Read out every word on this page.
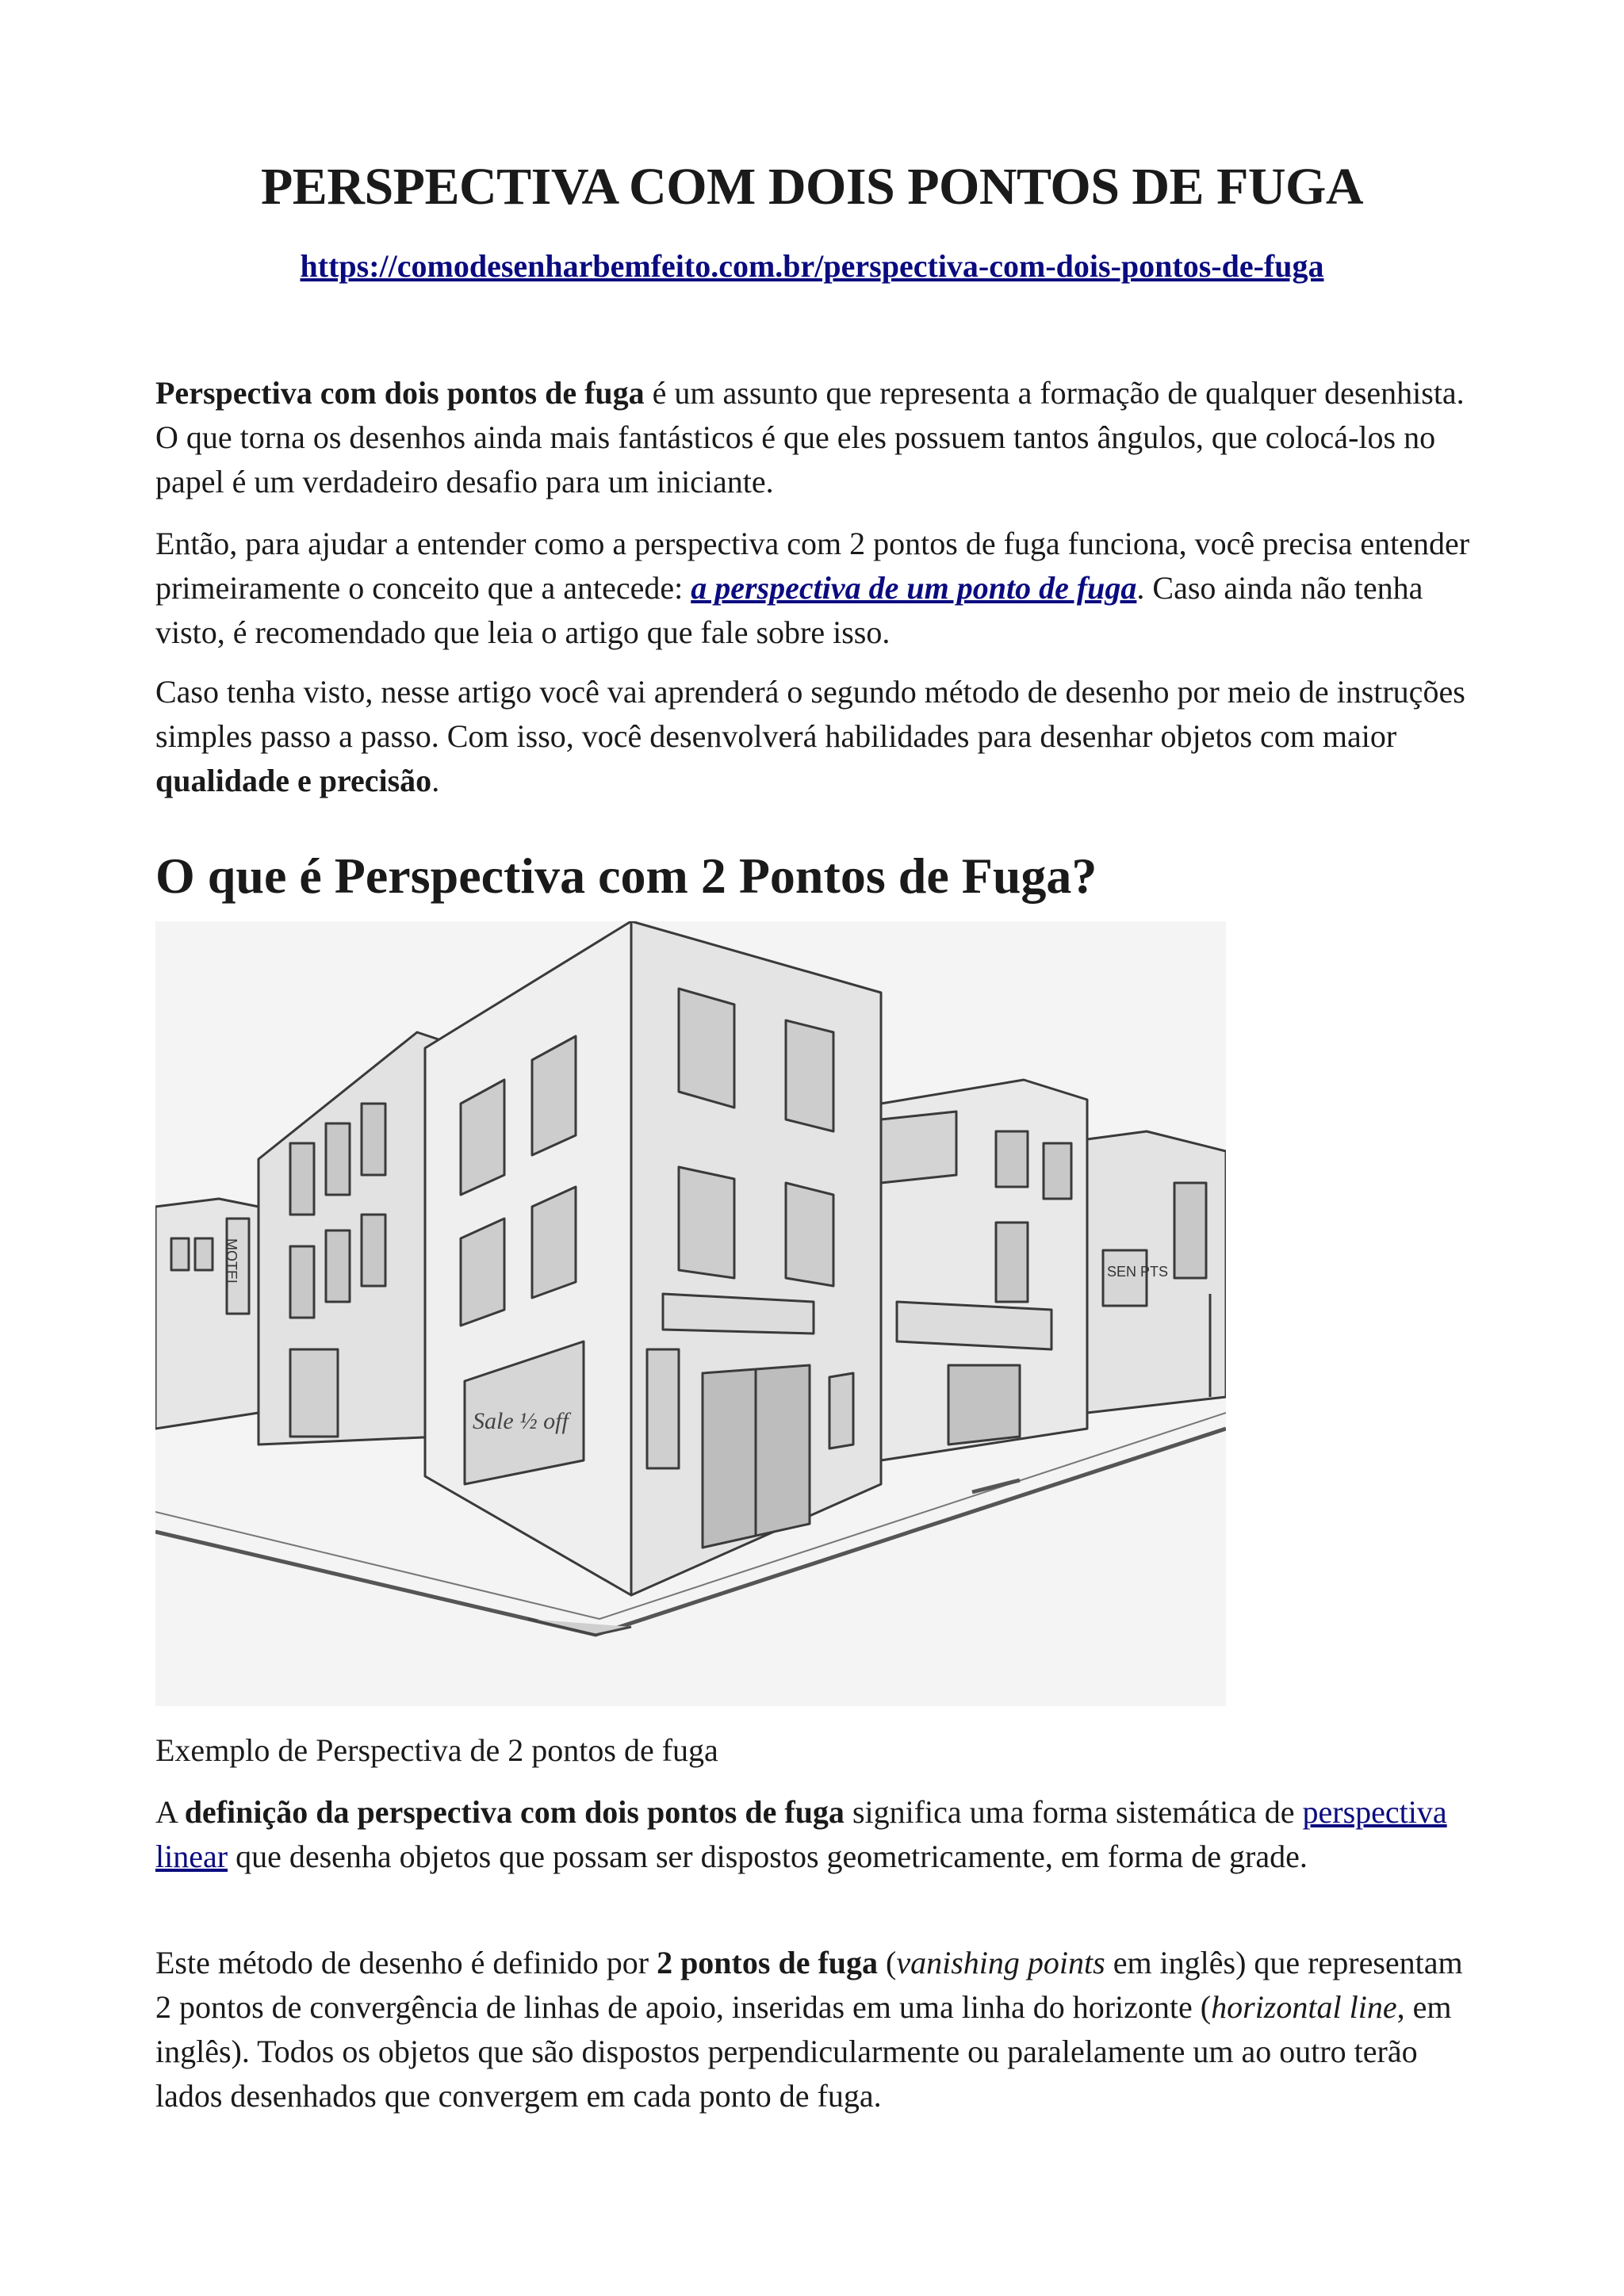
PERSPECTIVA COM DOIS PONTOS DE FUGA
https://comodesenharbemfeito.com.br/perspectiva-com-dois-pontos-de-fuga

Perspectiva com dois pontos de fuga é um assunto que representa a formação de qualquer desenhista. O que torna os desenhos ainda mais fantásticos é que eles possuem tantos ângulos, que colocá-los no papel é um verdadeiro desafio para um iniciante.

Então, para ajudar a entender como a perspectiva com 2 pontos de fuga funciona, você precisa entender primeiramente o conceito que a antecede: a perspectiva de um ponto de fuga. Caso ainda não tenha visto, é recomendado que leia o artigo que fale sobre isso.

Caso tenha visto, nesse artigo você vai aprenderá o segundo método de desenho por meio de instruções simples passo a passo. Com isso, você desenvolverá habilidades para desenhar objetos com maior qualidade e precisão.

O que é Perspectiva com 2 Pontos de Fuga?
MOTEL
Sale ½ off
SEN PTS

Exemplo de Perspectiva de 2 pontos de fuga

A definição da perspectiva com dois pontos de fuga significa uma forma sistemática de perspectiva linear que desenha objetos que possam ser dispostos geometricamente, em forma de grade.

Este método de desenho é definido por 2 pontos de fuga (vanishing points em inglês) que representam 2 pontos de convergência de linhas de apoio, inseridas em uma linha do horizonte (horizontal line, em inglês). Todos os objetos que são dispostos perpendicularmente ou paralelamente um ao outro terão lados desenhados que convergem em cada ponto de fuga.
